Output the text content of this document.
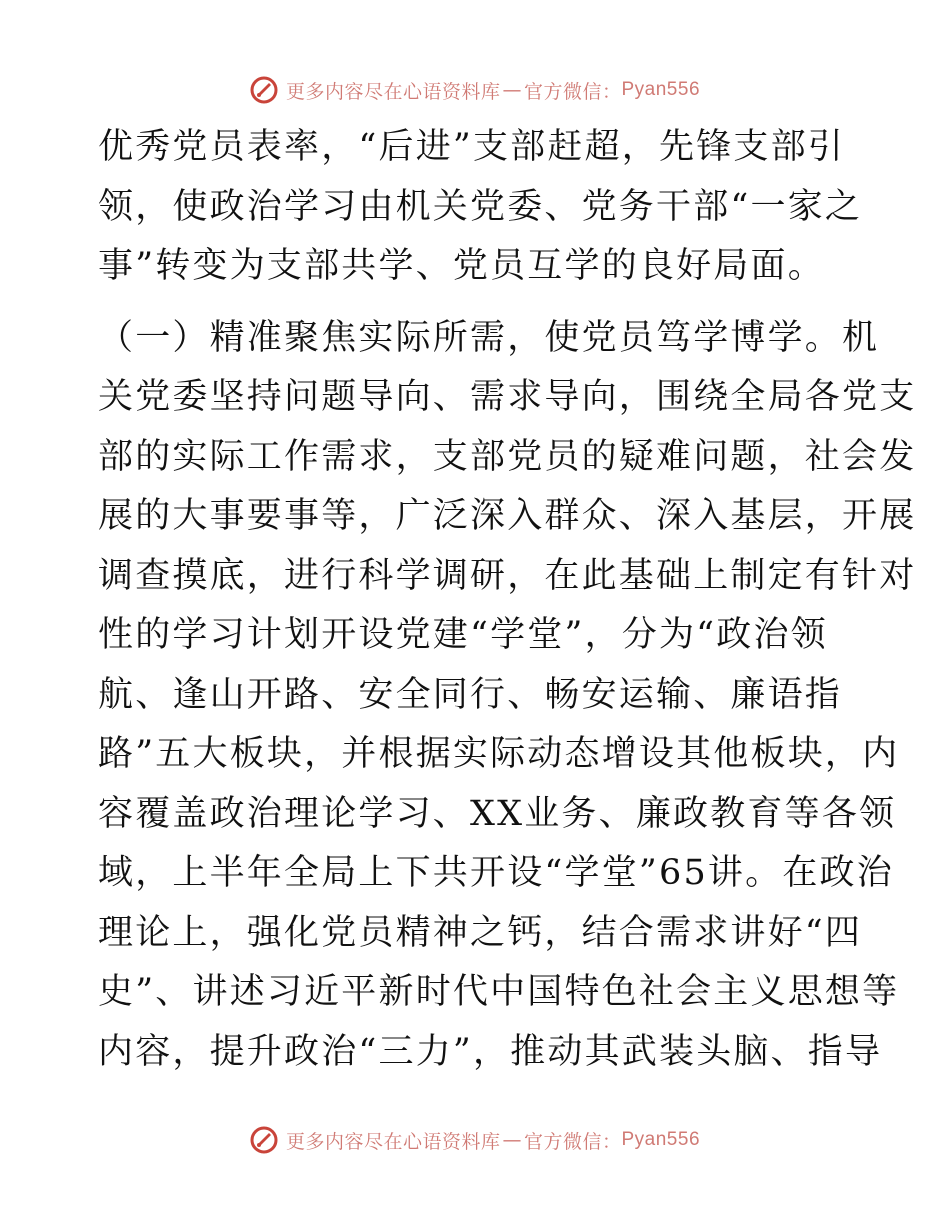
更多内容尽在心语资料库 — 官方微信： Pyan556
优秀党员表率，“后进”支部赶超，先锋支部引
领，使政治学习由机关党委、党务干部“一家之
事”转变为支部共学、党员互学的良好局面。
（一）精准聚焦实际所需，使党员笃学博学。机
关党委坚持问题导向、需求导向，围绕全局各党支
部的实际工作需求，支部党员的疑难问题，社会发
展的大事要事等，广泛深入群众、深入基层，开展
调查摸底，进行科学调研，在此基础上制定有针对
性的学习计划开设党建“学堂”，分为“政治领
航、逢山开路、安全同行、畅安运输、廉语指
路”五大板块，并根据实际动态增设其他板块，内
容覆盖政治理论学习、XX业务、廉政教育等各领
域，上半年全局上下共开设“学堂”65讲。在政治
理论上，强化党员精神之钙，结合需求讲好“四
史”、讲述习近平新时代中国特色社会主义思想等
内容，提升政治“三力”，推动其武装头脑、指导
更多内容尽在心语资料库 — 官方微信： Pyan556
